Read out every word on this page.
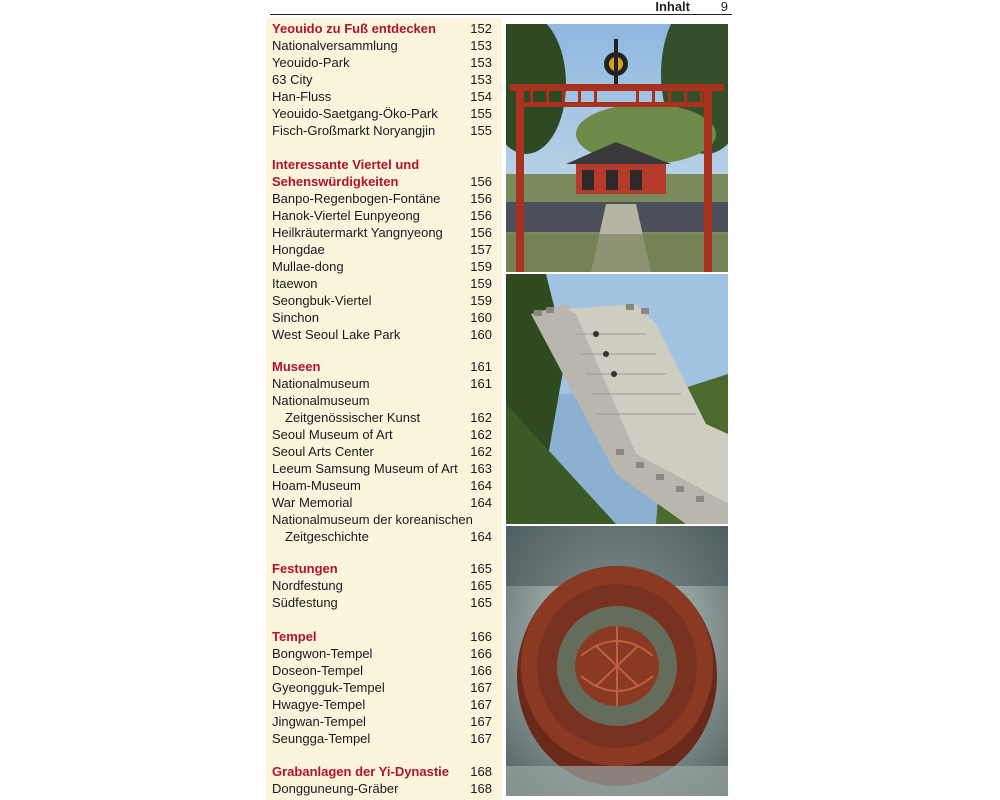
Inhalt 9
Yeouido zu Fuß entdecken	152
Nationalversammlung	153
Yeouido-Park	153
63 City	153
Han-Fluss	154
Yeouido-Saetgang-Öko-Park	155
Fisch-Großmarkt Noryangjin	155
Interessante Viertel und
Sehenswürdigkeiten	156
Banpo-Regenbogen-Fontäne 156
Hanok-Viertel Eunpyeong	156
Heilkräutermarkt Yangnyeong 156
Hongdae	157
Mullae-dong	159
Itaewon	159
Seongbuk-Viertel	159
Sinchon	160
West Seoul Lake Park	160
Museen	161
Nationalmuseum	161
Nationalmuseum
Zeitgenössischer Kunst	162
Seoul Museum of Art	162
Seoul Arts Center	162
Leeum Samsung Museum of Art 163
Hoam-Museum	164
War Memorial	164
Nationalmuseum der koreanischen
Zeitgeschichte	164
Festungen	165
Nordfestung	165
Südfestung	165
Tempel	166
Bongwon-Tempel	166
Doseon-Tempel	166
Gyeongguk-Tempel	167
Hwagye-Tempel	167
Jingwan-Tempel	167
Seungga-Tempel	167
Grabanlagen der Yi-Dynastie 168
Dongguneung-Gräber	168
